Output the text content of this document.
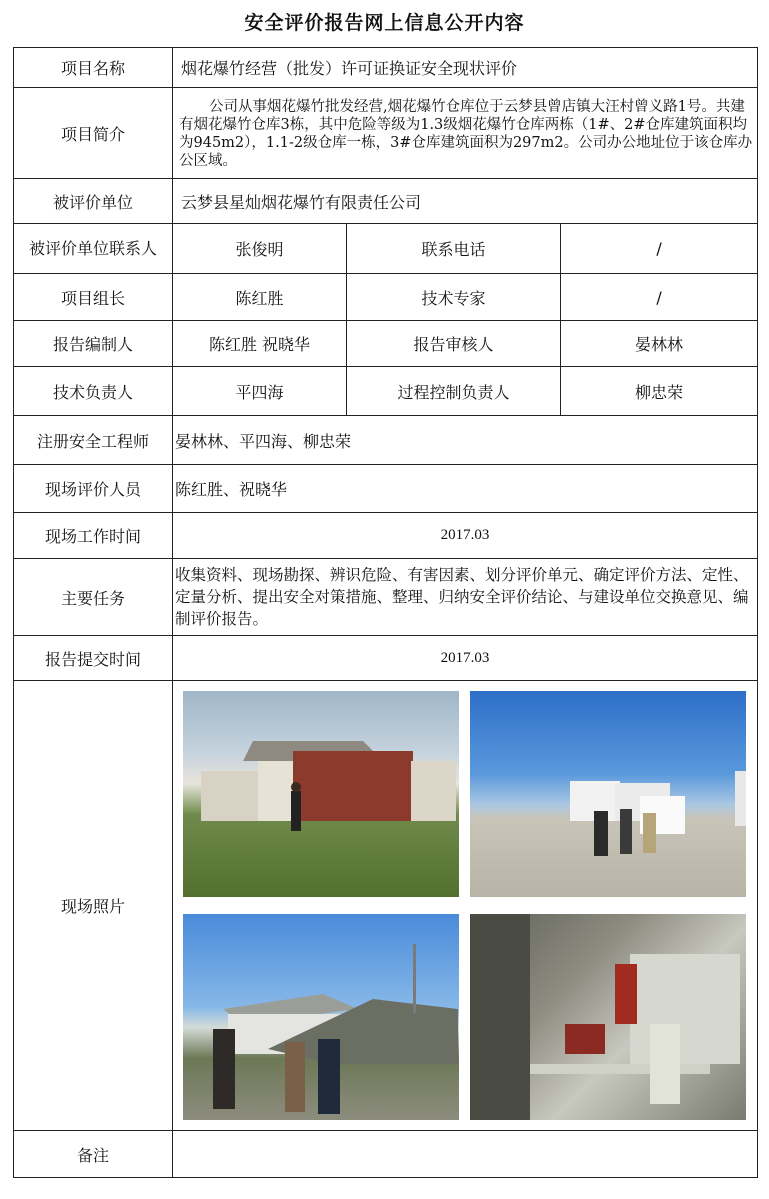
安全评价报告网上信息公开内容
项目名称	烟花爆竹经营（批发）许可证换证安全现状评价		
项目简介	公司从事烟花爆竹批发经营,烟花爆竹仓库位于云梦县曾店镇大汪村曾义路1号。共建有烟花爆竹仓库3栋，其中危险等级为1.3级烟花爆竹仓库两栋（1#、2#仓库建筑面积均为945m2），1.1-2级仓库一栋，3#仓库建筑面积为297m2。公司办公地址位于该仓库办公区域。		
被评价单位	云梦县星灿烟花爆竹有限责任公司		
被评价单位联系人	张俊明	联系电话	/
项目组长	陈红胜	技术专家	/
报告编制人	陈红胜 祝晓华	报告审核人	晏林林
技术负责人	平四海	过程控制负责人	柳忠荣
注册安全工程师	晏林林、平四海、柳忠荣		
现场评价人员	陈红胜、祝晓华		
现场工作时间	2017.03		
主要任务	收集资料、现场勘探、辨识危险、有害因素、划分评价单元、确定评价方法、定性、定量分析、提出安全对策措施、整理、归纳安全评价结论、与建设单位交换意见、编制评价报告。		
报告提交时间	2017.03		
现场照片	

备注			
